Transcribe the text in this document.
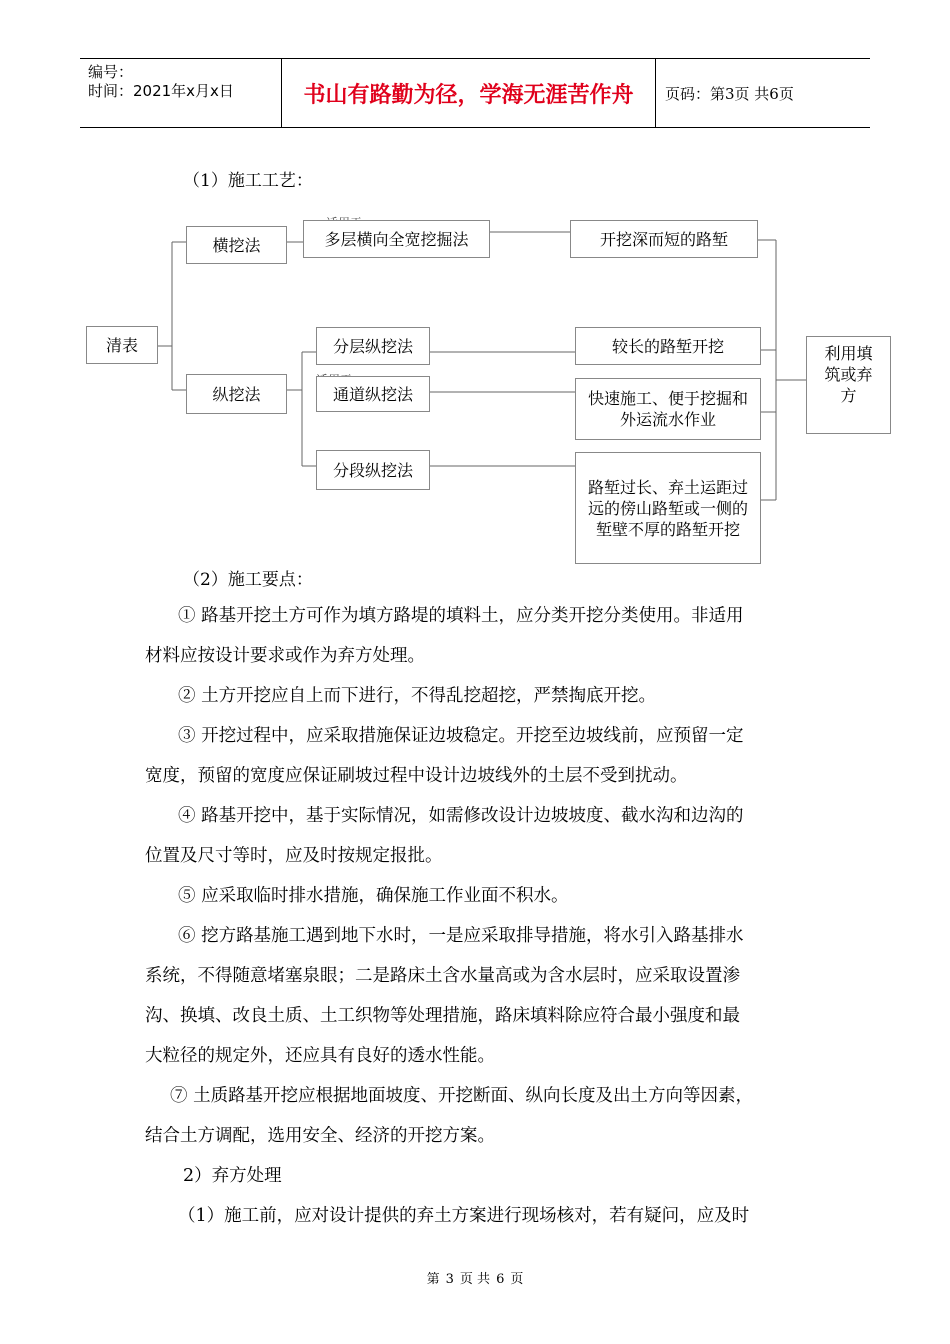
编号：
时间：2021年x月x日	书山有路勤为径，学海无涯苦作舟	页码：第3页 共6页
（1）施工工艺：
清表
横挖法
纵挖法
多层横向全宽挖掘法
分层纵挖法
通道纵挖法
分段纵挖法
开挖深而短的路堑
较长的路堑开挖
快速施工、便于挖掘和外运流水作业
路堑过长、弃土运距过远的傍山路堑或一侧的堑壁不厚的路堑开挖
利用填筑或弃方
（2）施工要点：

① 路基开挖土方可作为填方路堤的填料土，应分类开挖分类使用。非适用

材料应按设计要求或作为弃方处理。

② 土方开挖应自上而下进行，不得乱挖超挖，严禁掏底开挖。

③ 开挖过程中，应采取措施保证边坡稳定。开挖至边坡线前，应预留一定

宽度，预留的宽度应保证刷坡过程中设计边坡线外的土层不受到扰动。

④ 路基开挖中，基于实际情况，如需修改设计边坡坡度、截水沟和边沟的

位置及尺寸等时，应及时按规定报批。

⑤ 应采取临时排水措施，确保施工作业面不积水。

⑥ 挖方路基施工遇到地下水时，一是应采取排导措施，将水引入路基排水

系统，不得随意堵塞泉眼；二是路床土含水量高或为含水层时，应采取设置渗

沟、换填、改良土质、土工织物等处理措施，路床填料除应符合最小强度和最

大粒径的规定外，还应具有良好的透水性能。

⑦ 土质路基开挖应根据地面坡度、开挖断面、纵向长度及出土方向等因素，

结合土方调配，选用安全、经济的开挖方案。

2）弃方处理

（1）施工前，应对设计提供的弃土方案进行现场核对，若有疑问，应及时

第 3 页 共 6 页
